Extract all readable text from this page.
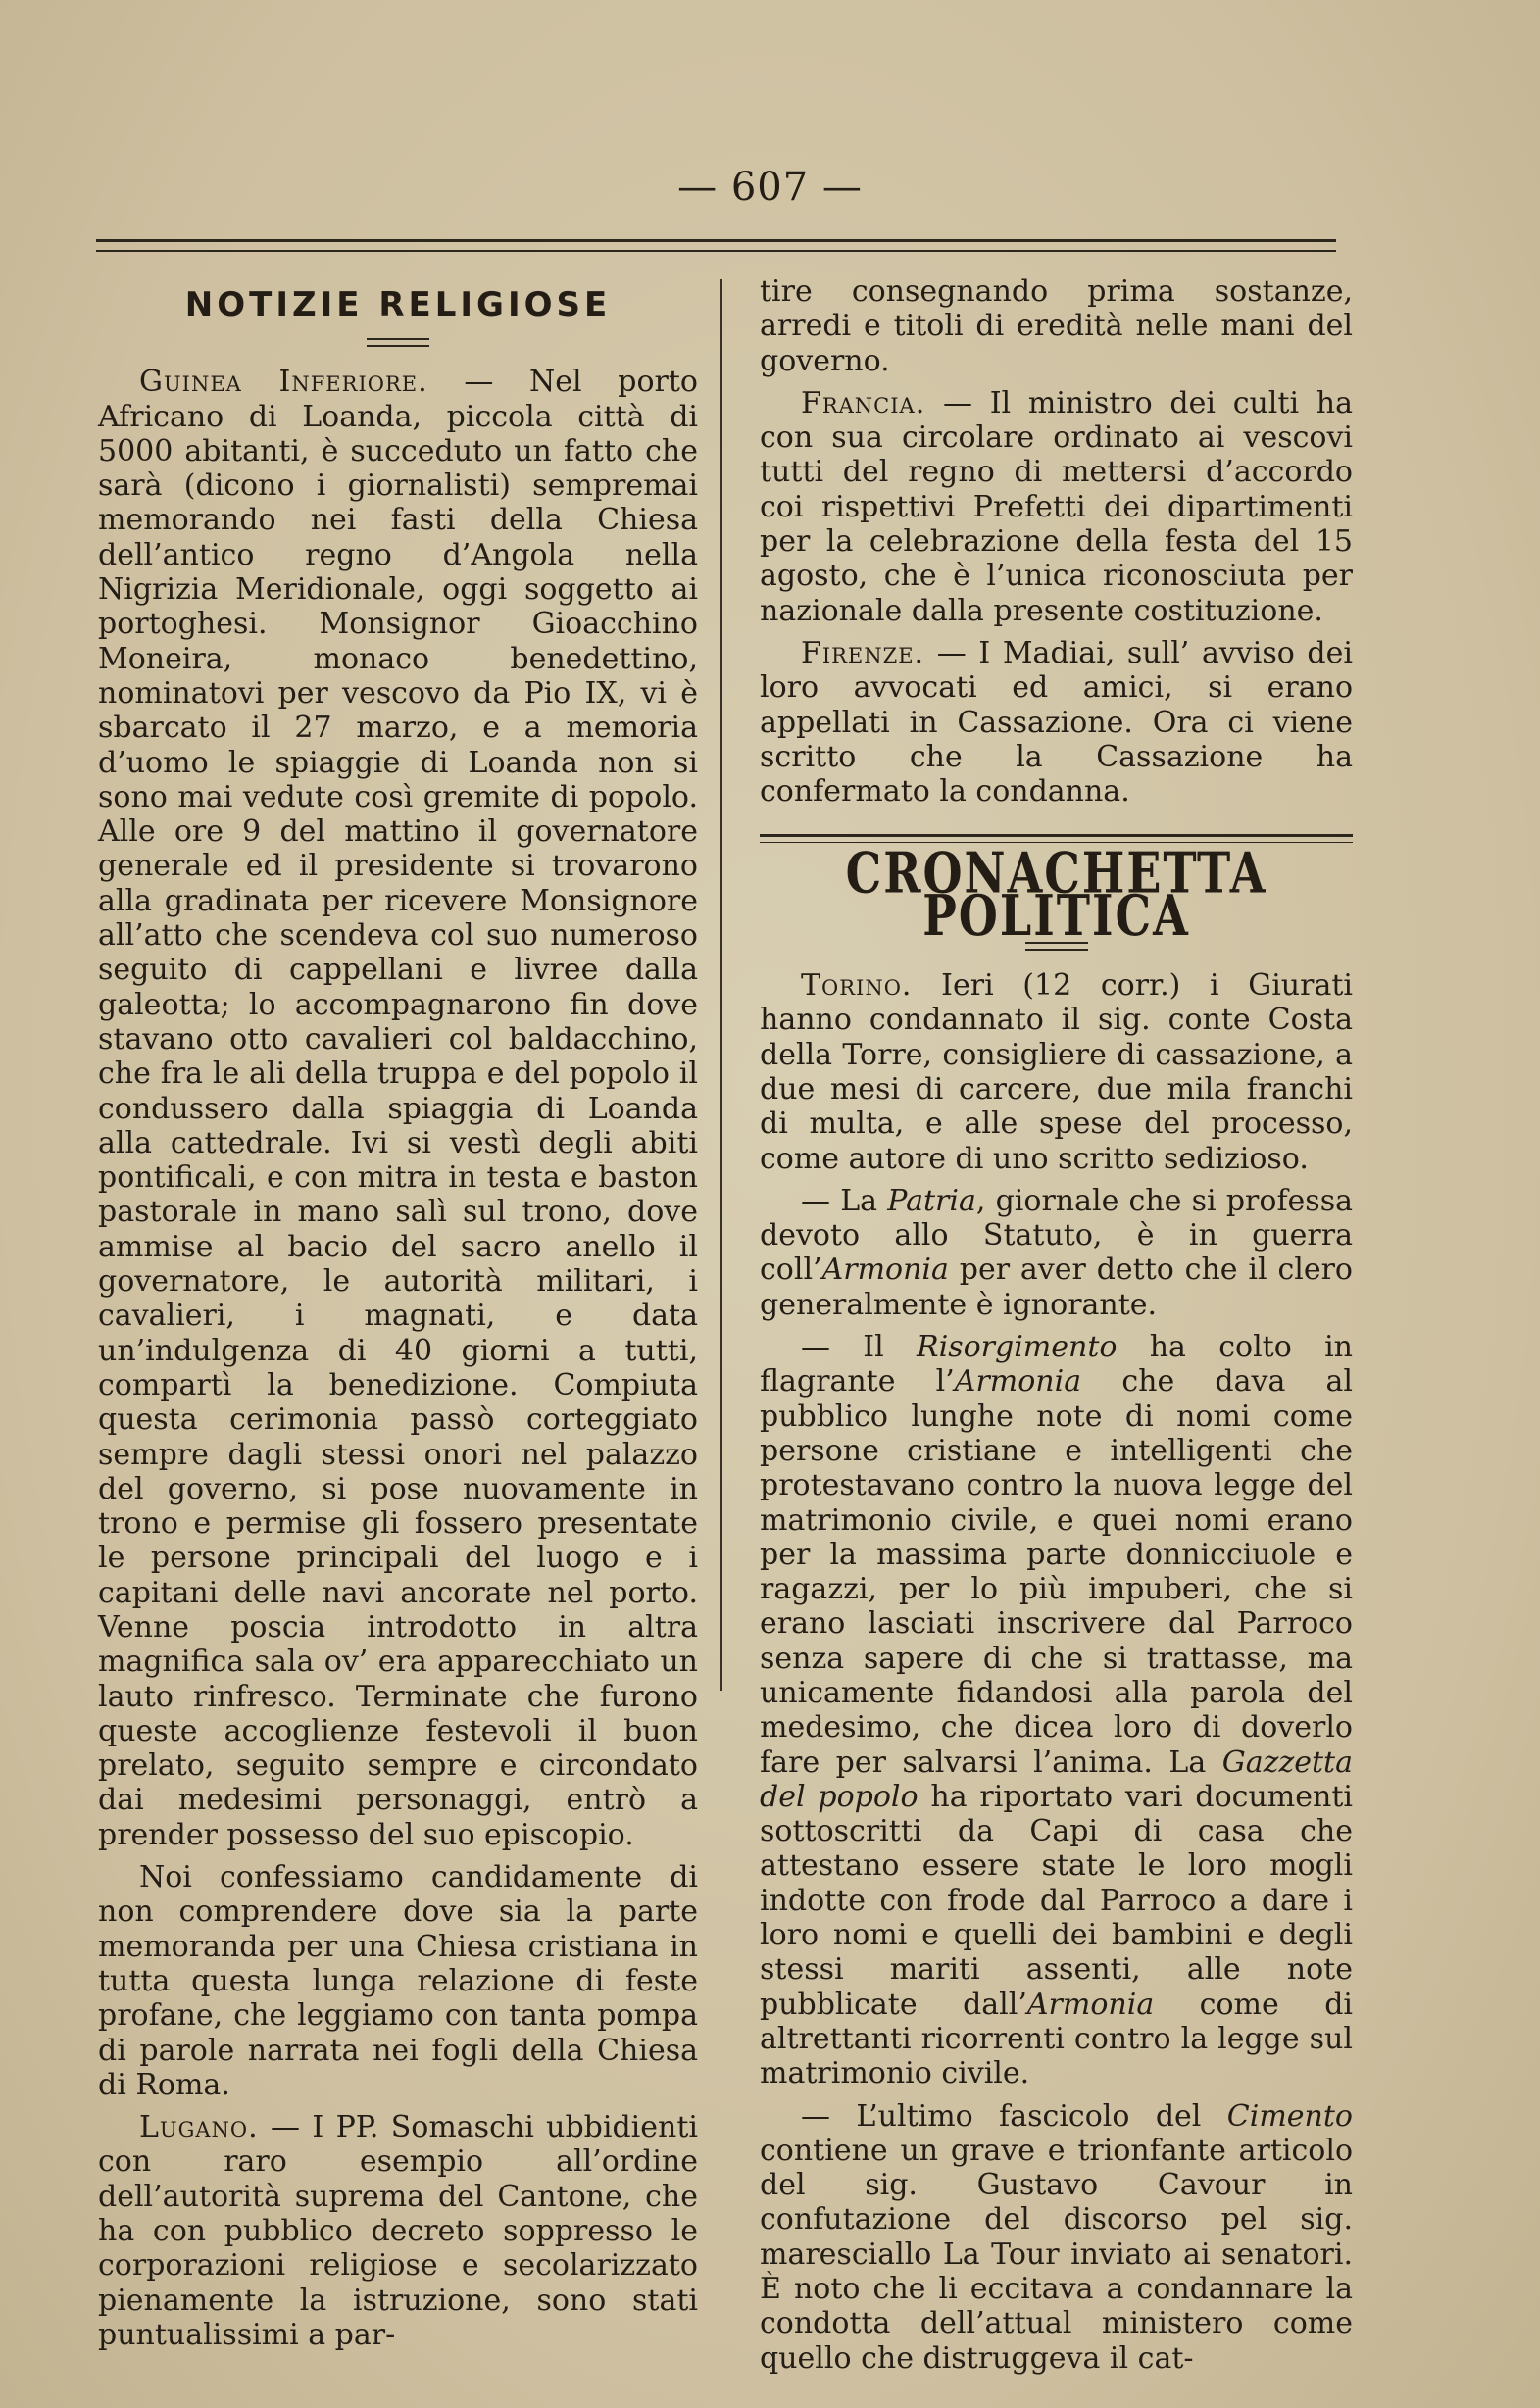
— 607 —
NOTIZIE RELIGIOSE

Guinea Inferiore. — Nel porto Africano di Loanda, piccola città di 5000 abitanti, è succeduto un fatto che sarà (dicono i giornalisti) sempremai memorando nei fasti della Chiesa dell’antico regno d’Angola nella Nigrizia Meridionale, oggi soggetto ai portoghesi. Monsignor Gioacchino Moneira, monaco benedettino, nominatovi per vescovo da Pio IX, vi è sbarcato il 27 marzo, e a memoria d’uomo le spiaggie di Loanda non si sono mai vedute così gremite di popolo. Alle ore 9 del mattino il governatore generale ed il presidente si trovarono alla gradinata per ricevere Monsignore all’atto che scendeva col suo numeroso seguito di cappellani e livree dalla galeotta; lo accompagnarono fin dove stavano otto cavalieri col baldacchino, che fra le ali della truppa e del popolo il condussero dalla spiaggia di Loanda alla cattedrale. Ivi si vestì degli abiti pontificali, e con mitra in testa e baston pastorale in mano salì sul trono, dove ammise al bacio del sacro anello il governatore, le autorità militari, i cavalieri, i magnati, e data un’indulgenza di 40 giorni a tutti, compartì la benedizione. Compiuta questa cerimonia passò corteggiato sempre dagli stessi onori nel palazzo del governo, si pose nuovamente in trono e permise gli fossero presentate le persone principali del luogo e i capitani delle navi ancorate nel porto. Venne poscia introdotto in altra magnifica sala ov’ era apparecchiato un lauto rinfresco. Terminate che furono queste accoglienze festevoli il buon prelato, seguito sempre e circondato dai medesimi personaggi, entrò a prender possesso del suo episcopio.

Noi confessiamo candidamente di non comprendere dove sia la parte memoranda per una Chiesa cristiana in tutta questa lunga relazione di feste profane, che leggiamo con tanta pompa di parole narrata nei fogli della Chiesa di Roma.

Lugano. — I PP. Somaschi ubbidienti con raro esempio all’ordine dell’autorità suprema del Cantone, che ha con pubblico decreto soppresso le corporazioni religiose e secolarizzato pienamente la istruzione, sono stati puntualissimi a par-

tire consegnando prima sostanze, arredi e titoli di eredità nelle mani del governo.

Francia. — Il ministro dei culti ha con sua circolare ordinato ai vescovi tutti del regno di mettersi d’accordo coi rispettivi Prefetti dei dipartimenti per la celebrazione della festa del 15 agosto, che è l’unica riconosciuta per nazionale dalla presente costituzione.

Firenze. — I Madiai, sull’ avviso dei loro avvocati ed amici, si erano appellati in Cassazione. Ora ci viene scritto che la Cassazione ha confermato la condanna.

CRONACHETTA POLITICA

Torino. Ieri (12 corr.) i Giurati hanno condannato il sig. conte Costa della Torre, consigliere di cassazione, a due mesi di carcere, due mila franchi di multa, e alle spese del processo, come autore di uno scritto sedizioso.

— La Patria, giornale che si professa devoto allo Statuto, è in guerra coll’Armonia per aver detto che il clero generalmente è ignorante.

— Il Risorgimento ha colto in flagrante l’Armonia che dava al pubblico lunghe note di nomi come persone cristiane e intelligenti che protestavano contro la nuova legge del matrimonio civile, e quei nomi erano per la massima parte donnicciuole e ragazzi, per lo più impuberi, che si erano lasciati inscrivere dal Parroco senza sapere di che si trattasse, ma unicamente fidandosi alla parola del medesimo, che dicea loro di doverlo fare per salvarsi l’anima. La Gazzetta del popolo ha riportato vari documenti sottoscritti da Capi di casa che attestano essere state le loro mogli indotte con frode dal Parroco a dare i loro nomi e quelli dei bambini e degli stessi mariti assenti, alle note pubblicate dall’Armonia come di altrettanti ricorrenti contro la legge sul matrimonio civile.

— L’ultimo fascicolo del Cimento contiene un grave e trionfante articolo del sig. Gustavo Cavour in confutazione del discorso pel sig. maresciallo La Tour inviato ai senatori. È noto che li eccitava a condannare la condotta dell’attual ministero come quello che distruggeva il cat-
